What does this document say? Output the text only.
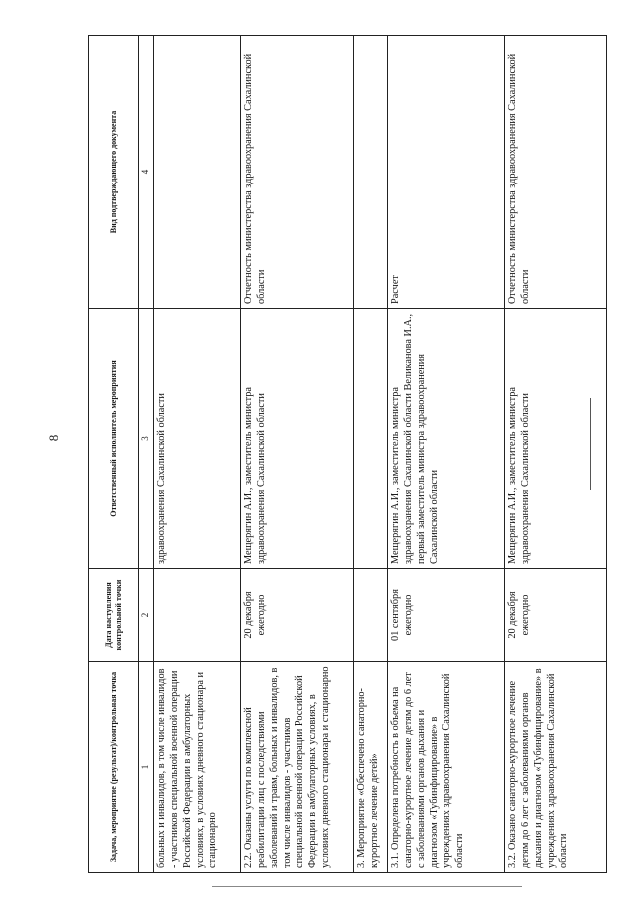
8
Задача, мероприятие (результат)/контрольная точка	Дата наступления контрольной точки	Ответственный исполнитель мероприятия	Вид подтверждающего документа
1	2	3	4
больных и инвалидов, в том числе инвалидов - участников специальной военной операции Российской Федерации в амбулаторных условиях, в условиях дневного стационара и стационарно		здравоохранения Сахалинской области	
2.2. Оказаны услуги по комплексной реабилитации лиц с последствиями заболеваний и травм, больных и инвалидов, в том числе инвалидов - участников специальной военной операции Российской Федерации в амбулаторных условиях, в условиях дневного стационара и стационарно	20 декабря ежегодно	Мещерягин А.И., заместитель министра здравоохранения Сахалинской области	Отчетность министерства здравоохранения Сахалинской области
3. Мероприятие «Обеспечено санаторно-курортное лечение детей»			
3.1. Определена потребность в объема на санаторно-курортное лечение детям до 6 лет с заболеваниями органов дыхания и диагнозом «Тубинфицирование» в учреждениях здравоохранения Сахалинской области	01 сентября ежегодно	Мещерягин А.И., заместитель министра здравоохранения Сахалинской области Великанова И.А., первый заместитель министра здравоохранения Сахалинской области	Расчет
3.2. Оказано санаторно-курортное лечение детям до 6 лет с заболеваниями органов дыхания и диагнозом «Тубинфицирование» в учреждениях здравоохранения Сахалинской области	20 декабря ежегодно	Мещерягин А.И., заместитель министра здравоохранения Сахалинской области	Отчетность министерства здравоохранения Сахалинской области
